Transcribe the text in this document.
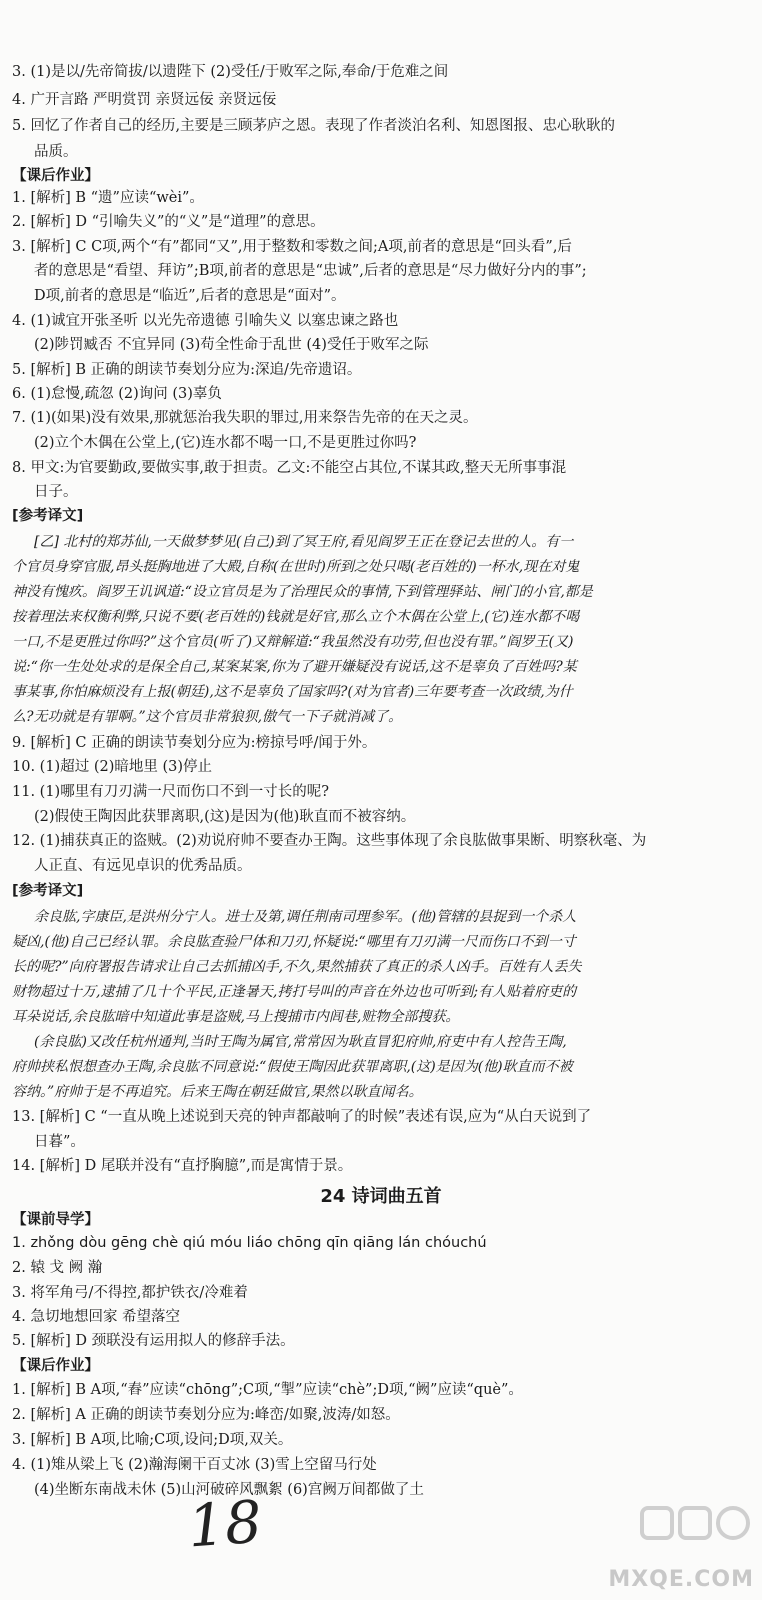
3. (1)是以/先帝简拔/以遗陛下 (2)受任/于败军之际,奉命/于危难之间
4. 广开言路 严明赏罚 亲贤远佞 亲贤远佞
5. 回忆了作者自己的经历,主要是三顾茅庐之恩。表现了作者淡泊名利、知恩图报、忠心耿耿的
品质。
【课后作业】
1. [解析] B “遗”应读“wèi”。
2. [解析] D “引喻失义”的“义”是“道理”的意思。
3. [解析] C C项,两个“有”都同“又”,用于整数和零数之间;A项,前者的意思是“回头看”,后
者的意思是“看望、拜访”;B项,前者的意思是“忠诚”,后者的意思是“尽力做好分内的事”;
D项,前者的意思是“临近”,后者的意思是“面对”。
4. (1)诚宜开张圣听 以光先帝遗德 引喻失义 以塞忠谏之路也
(2)陟罚臧否 不宜异同 (3)苟全性命于乱世 (4)受任于败军之际
5. [解析] B 正确的朗读节奏划分应为:深追/先帝遗诏。
6. (1)怠慢,疏忽 (2)询问 (3)辜负
7. (1)(如果)没有效果,那就惩治我失职的罪过,用来祭告先帝的在天之灵。
(2)立个木偶在公堂上,(它)连水都不喝一口,不是更胜过你吗?
8. 甲文:为官要勤政,要做实事,敢于担责。乙文:不能空占其位,不谋其政,整天无所事事混
日子。
[参考译文]
[乙] 北村的郑苏仙,一天做梦梦见(自己)到了冥王府,看见阎罗王正在登记去世的人。有一
个官员身穿官服,昂头挺胸地进了大殿,自称(在世时)所到之处只喝(老百姓的)一杯水,现在对鬼
神没有愧疚。阎罗王讥讽道:“设立官员是为了治理民众的事情,下到管理驿站、闸门的小官,都是
按着理法来权衡利弊,只说不要(老百姓的)钱就是好官,那么立个木偶在公堂上,(它)连水都不喝
一口,不是更胜过你吗?”这个官员(听了)又辩解道:“我虽然没有功劳,但也没有罪。”阎罗王(又)
说:“你一生处处求的是保全自己,某案某案,你为了避开嫌疑没有说话,这不是辜负了百姓吗?某
事某事,你怕麻烦没有上报(朝廷),这不是辜负了国家吗?(对为官者)三年要考查一次政绩,为什
么?无功就是有罪啊。”这个官员非常狼狈,傲气一下子就消减了。
9. [解析] C 正确的朗读节奏划分应为:榜掠号呼/闻于外。
10. (1)超过 (2)暗地里 (3)停止
11. (1)哪里有刀刃满一尺而伤口不到一寸长的呢?
(2)假使王陶因此获罪离职,(这)是因为(他)耿直而不被容纳。
12. (1)捕获真正的盗贼。(2)劝说府帅不要查办王陶。这些事体现了余良肱做事果断、明察秋毫、为
人正直、有远见卓识的优秀品质。
[参考译文]
余良肱,字康臣,是洪州分宁人。进士及第,调任荆南司理参军。(他)管辖的县捉到一个杀人
疑凶,(他)自己已经认罪。余良肱查验尸体和刀刃,怀疑说:“哪里有刀刃满一尺而伤口不到一寸
长的呢?”向府署报告请求让自己去抓捕凶手,不久,果然捕获了真正的杀人凶手。百姓有人丢失
财物超过十万,逮捕了几十个平民,正逢暑天,拷打号叫的声音在外边也可听到;有人贴着府吏的
耳朵说话,余良肱暗中知道此事是盗贼,马上搜捕市内闾巷,赃物全部搜获。
(余良肱)又改任杭州通判,当时王陶为属官,常常因为耿直冒犯府帅,府吏中有人控告王陶,
府帅挟私恨想查办王陶,余良肱不同意说:“假使王陶因此获罪离职,(这)是因为(他)耿直而不被
容纳。”府帅于是不再追究。后来王陶在朝廷做官,果然以耿直闻名。
13. [解析] C “一直从晚上述说到天亮的钟声都敲响了的时候”表述有误,应为“从白天说到了
日暮”。
14. [解析] D 尾联并没有“直抒胸臆”,而是寓情于景。
24 诗词曲五首
【课前导学】
1. zhǒng dòu gēng chè qiú móu liáo chōng qīn qiāng lán chóuchú
2. 辕 戈 阙 瀚
3. 将军角弓/不得控,都护铁衣/冷难着
4. 急切地想回家 希望落空
5. [解析] D 颈联没有运用拟人的修辞手法。
【课后作业】
1. [解析] B A项,“舂”应读“chōng”;C项,“掣”应读“chè”;D项,“阙”应读“què”。
2. [解析] A 正确的朗读节奏划分应为:峰峦/如聚,波涛/如怒。
3. [解析] B A项,比喻;C项,设问;D项,双关。
4. (1)雉从梁上飞 (2)瀚海阑干百丈冰 (3)雪上空留马行处
(4)坐断东南战未休 (5)山河破碎风飘絮 (6)宫阙万间都做了土
18
MXQE.COM
